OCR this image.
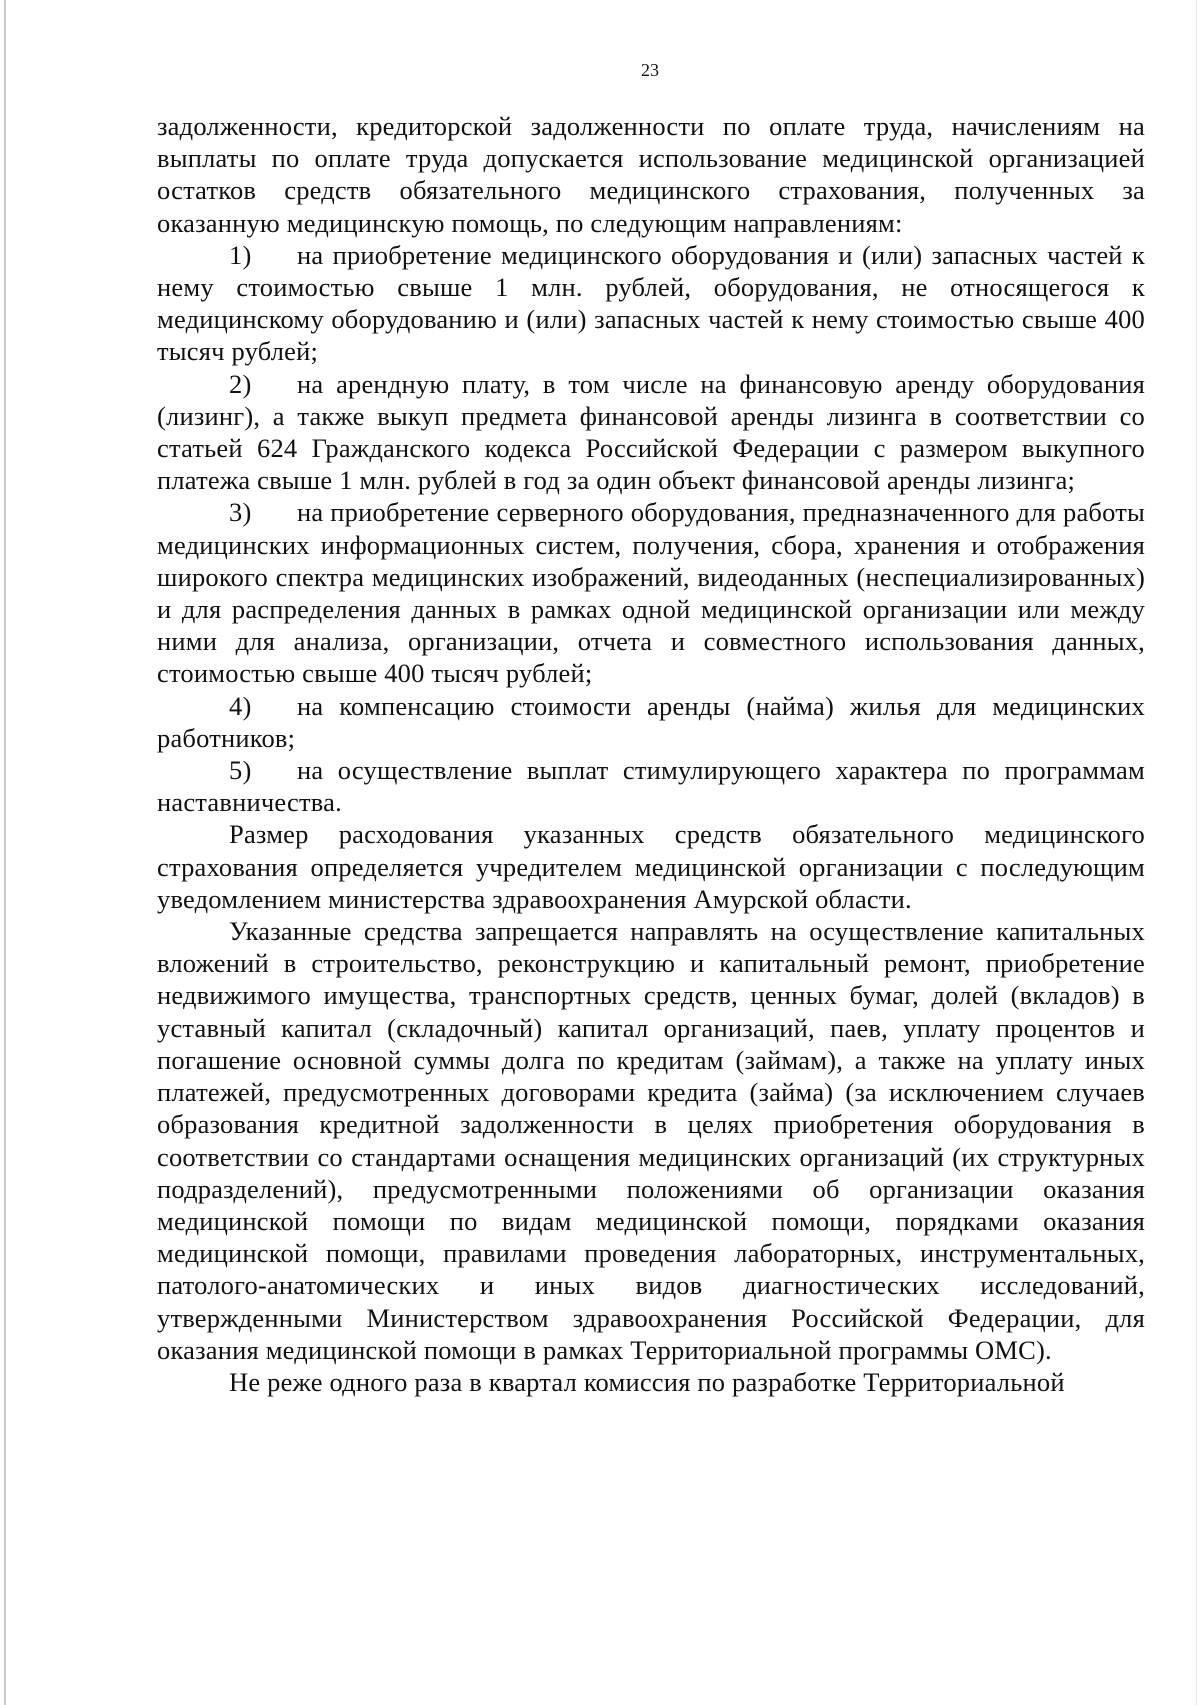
23

задолженности, кредиторской задолженности по оплате труда, начислениям на выплаты по оплате труда допускается использование медицинской организацией остатков средств обязательного медицинского страхования, полученных за оказанную медицинскую помощь, по следующим направлениям:

1) на приобретение медицинского оборудования и (или) запасных частей к нему стоимостью свыше 1 млн. рублей, оборудования, не относящегося к медицинскому оборудованию и (или) запасных частей к нему стоимостью свыше 400 тысяч рублей;

2) на арендную плату, в том числе на финансовую аренду оборудования (лизинг), а также выкуп предмета финансовой аренды лизинга в соответствии со статьей 624 Гражданского кодекса Российской Федерации с размером выкупного платежа свыше 1 млн. рублей в год за один объект финансовой аренды лизинга;

3) на приобретение серверного оборудования, предназначенного для работы медицинских информационных систем, получения, сбора, хранения и отображения широкого спектра медицинских изображений, видеоданных (неспециализированных) и для распределения данных в рамках одной медицинской организации или между ними для анализа, организации, отчета и совместного использования данных, стоимостью свыше 400 тысяч рублей;

4) на компенсацию стоимости аренды (найма) жилья для медицинских работников;

5) на осуществление выплат стимулирующего характера по программам наставничества.

Размер расходования указанных средств обязательного медицинского страхования определяется учредителем медицинской организации с последующим уведомлением министерства здравоохранения Амурской области.

Указанные средства запрещается направлять на осуществление капитальных вложений в строительство, реконструкцию и капитальный ремонт, приобретение недвижимого имущества, транспортных средств, ценных бумаг, долей (вкладов) в уставный капитал (складочный) капитал организаций, паев, уплату процентов и погашение основной суммы долга по кредитам (займам), а также на уплату иных платежей, предусмотренных договорами кредита (займа) (за исключением случаев образования кредитной задолженности в целях приобретения оборудования в соответствии со стандартами оснащения медицинских организаций (их структурных подразделений), предусмотренными положениями об организации оказания медицинской помощи по видам медицинской помощи, порядками оказания медицинской помощи, правилами проведения лабораторных, инструментальных, патолого-анатомических и иных видов диагностических исследований, утвержденными Министерством здравоохранения Российской Федерации, для оказания медицинской помощи в рамках Территориальной программы ОМС).

Не реже одного раза в квартал комиссия по разработке Территориальной
